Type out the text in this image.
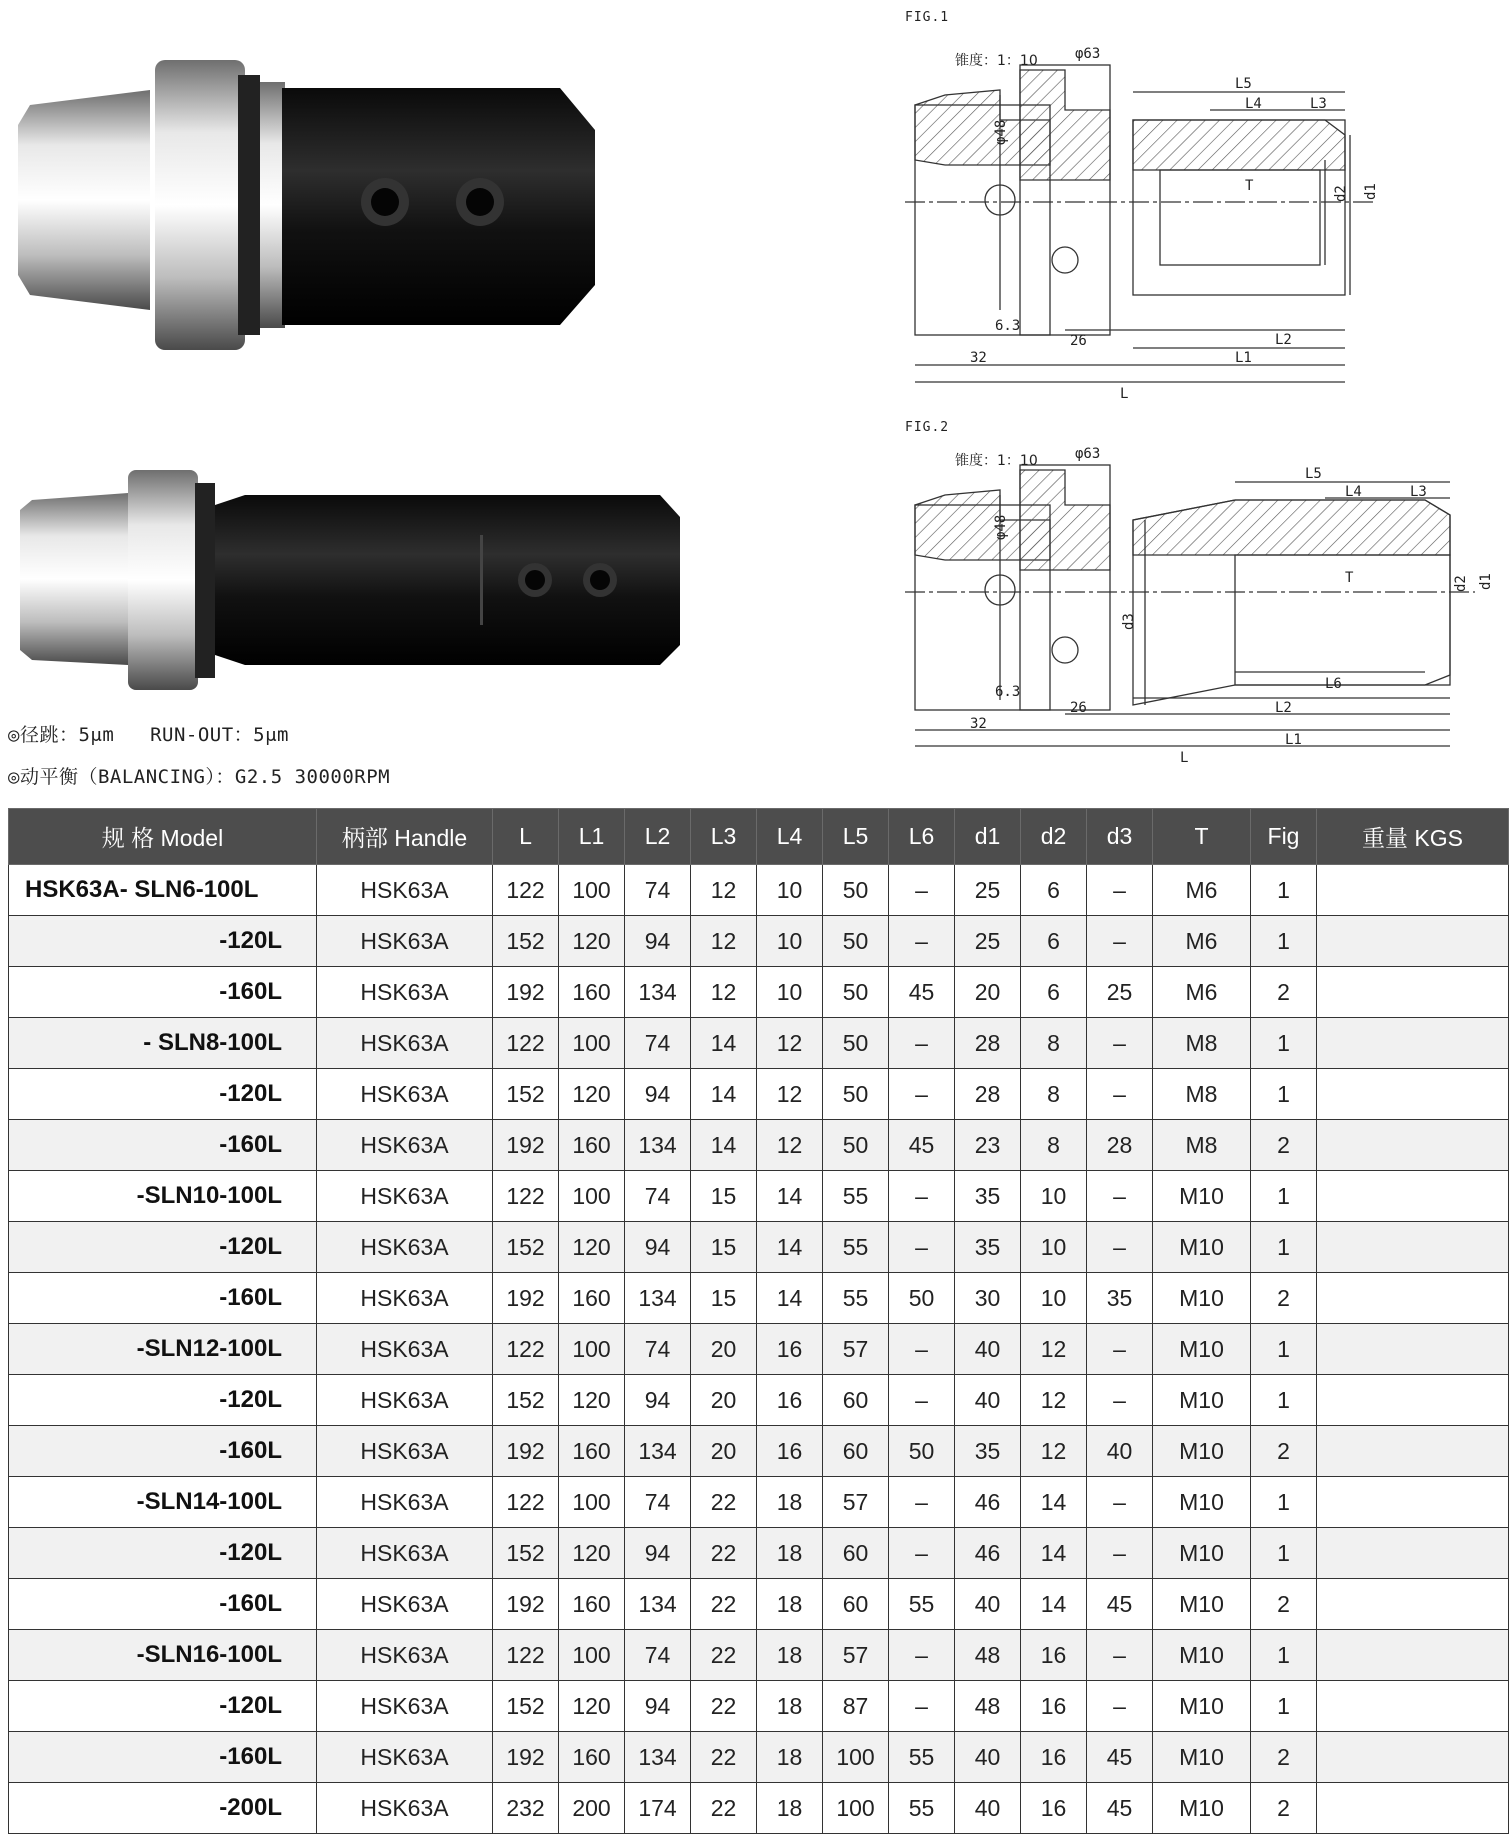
FIG.1
锥度：1：10	φ63
φ48
6.3
32
26
L
L1
L2
L3
L4
L5
d1
d2
T
FIG.2
锥度：1：10	φ63
φ48
6.3
32
26
L
L1
L2
L3
L4
L5
L6
d1
d2
d3
T
◎径跳：5μm   RUN-OUT：5μm
◎动平衡（BALANCING）：G2.5 30000RPM
规 格 Model	柄部 Handle	L	L1	L2	L3	L4	L5	L6	d1	d2	d3	T	Fig	重量 KGS
HSK63A- SLN6-100L	HSK63A	122	100	74	12	10	50	–	25	6	–	M6	1	
-120L	HSK63A	152	120	94	12	10	50	–	25	6	–	M6	1	
-160L	HSK63A	192	160	134	12	10	50	45	20	6	25	M6	2	
- SLN8-100L	HSK63A	122	100	74	14	12	50	–	28	8	–	M8	1	
-120L	HSK63A	152	120	94	14	12	50	–	28	8	–	M8	1	
-160L	HSK63A	192	160	134	14	12	50	45	23	8	28	M8	2	
-SLN10-100L	HSK63A	122	100	74	15	14	55	–	35	10	–	M10	1	
-120L	HSK63A	152	120	94	15	14	55	–	35	10	–	M10	1	
-160L	HSK63A	192	160	134	15	14	55	50	30	10	35	M10	2	
-SLN12-100L	HSK63A	122	100	74	20	16	57	–	40	12	–	M10	1	
-120L	HSK63A	152	120	94	20	16	60	–	40	12	–	M10	1	
-160L	HSK63A	192	160	134	20	16	60	50	35	12	40	M10	2	
-SLN14-100L	HSK63A	122	100	74	22	18	57	–	46	14	–	M10	1	
-120L	HSK63A	152	120	94	22	18	60	–	46	14	–	M10	1	
-160L	HSK63A	192	160	134	22	18	60	55	40	14	45	M10	2	
-SLN16-100L	HSK63A	122	100	74	22	18	57	–	48	16	–	M10	1	
-120L	HSK63A	152	120	94	22	18	87	–	48	16	–	M10	1	
-160L	HSK63A	192	160	134	22	18	100	55	40	16	45	M10	2	
-200L	HSK63A	232	200	174	22	18	100	55	40	16	45	M10	2	
